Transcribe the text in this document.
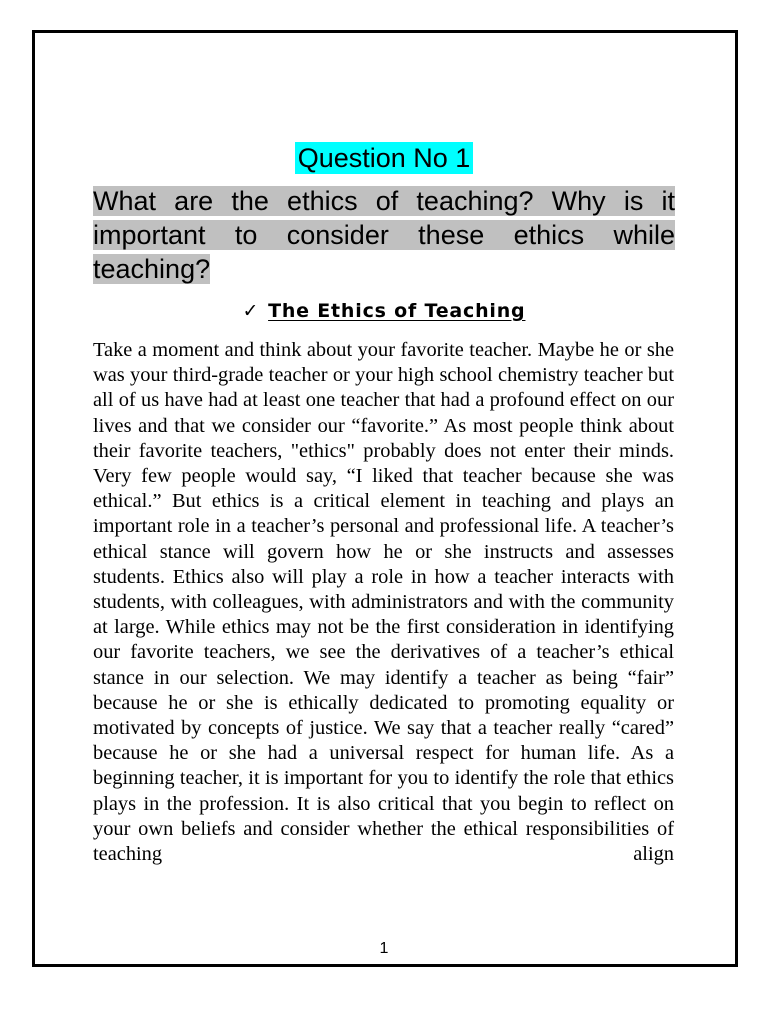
Question No 1
What are the ethics of teaching? Why is it important to consider these ethics while teaching?
✓ The Ethics of Teaching

Take a moment and think about your favorite teacher. Maybe he or she was your third-grade teacher or your high school chemistry teacher but all of us have had at least one teacher that had a profound effect on our lives and that we consider our “favorite.” As most people think about their favorite teachers, "ethics" probably does not enter their minds. Very few people would say, “I liked that teacher because she was ethical.” But ethics is a critical element in teaching and plays an important role in a teacher’s personal and professional life. A teacher’s ethical stance will govern how he or she instructs and assesses students. Ethics also will play a role in how a teacher interacts with students, with colleagues, with administrators and with the community at large. While ethics may not be the first consideration in identifying our favorite teachers, we see the derivatives of a teacher’s ethical stance in our selection. We may identify a teacher as being “fair” because he or she is ethically dedicated to promoting equality or motivated by concepts of justice. We say that a teacher really “cared” because he or she had a universal respect for human life. As a beginning teacher, it is important for you to identify the role that ethics plays in the profession. It is also critical that you begin to reflect on your own beliefs and consider whether the ethical responsibilities of teaching align

1
